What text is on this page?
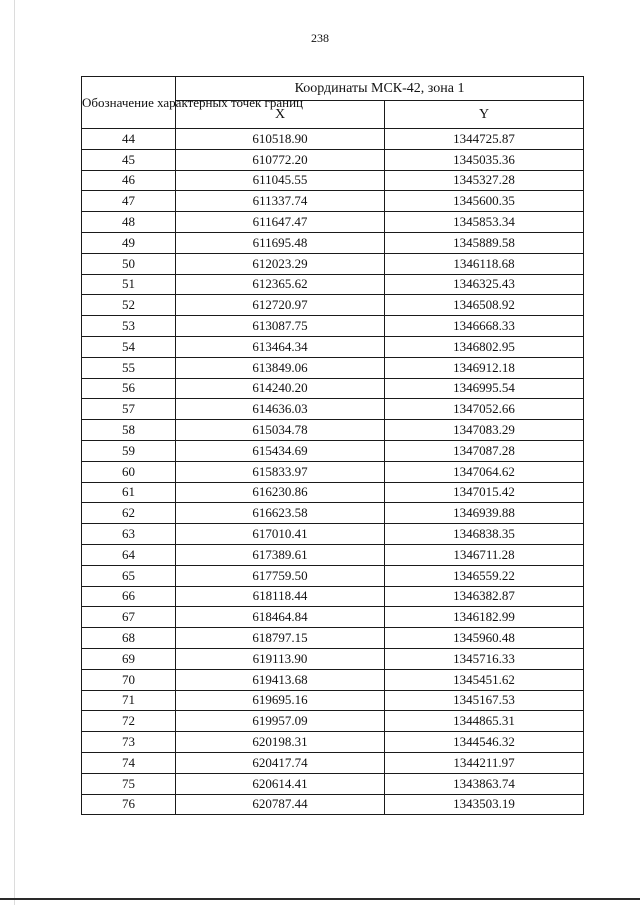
238
Обозначение характерных точек границ	Координаты МСК-42, зона 1	
	X	Y
44	610518.90	1344725.87
45	610772.20	1345035.36
46	611045.55	1345327.28
47	611337.74	1345600.35
48	611647.47	1345853.34
49	611695.48	1345889.58
50	612023.29	1346118.68
51	612365.62	1346325.43
52	612720.97	1346508.92
53	613087.75	1346668.33
54	613464.34	1346802.95
55	613849.06	1346912.18
56	614240.20	1346995.54
57	614636.03	1347052.66
58	615034.78	1347083.29
59	615434.69	1347087.28
60	615833.97	1347064.62
61	616230.86	1347015.42
62	616623.58	1346939.88
63	617010.41	1346838.35
64	617389.61	1346711.28
65	617759.50	1346559.22
66	618118.44	1346382.87
67	618464.84	1346182.99
68	618797.15	1345960.48
69	619113.90	1345716.33
70	619413.68	1345451.62
71	619695.16	1345167.53
72	619957.09	1344865.31
73	620198.31	1344546.32
74	620417.74	1344211.97
75	620614.41	1343863.74
76	620787.44	1343503.19
